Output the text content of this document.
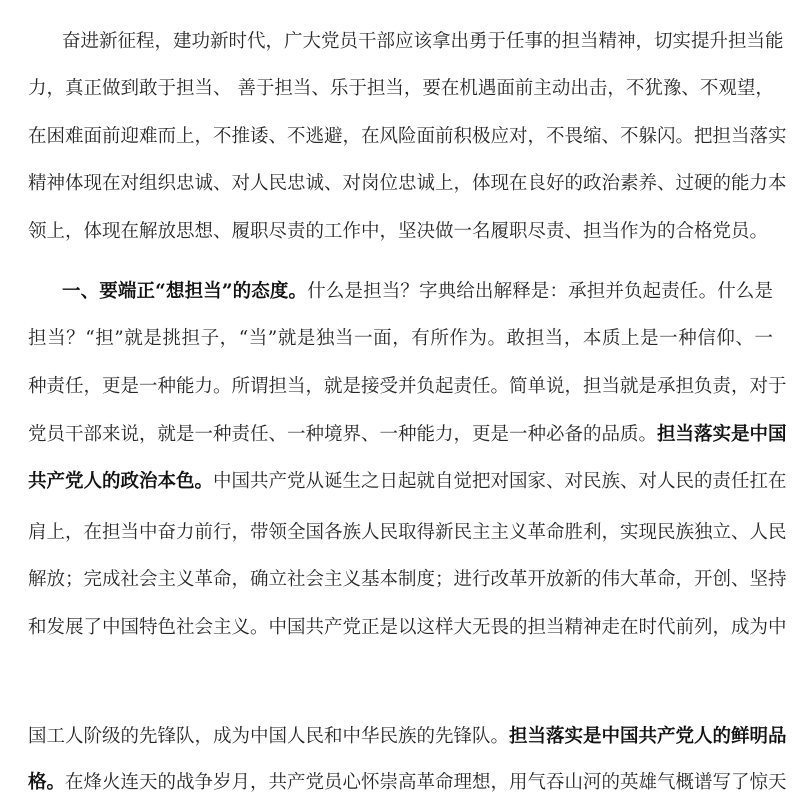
奋进新征程，建功新时代，广大党员干部应该拿出勇于任事的担当精神，切实提升担当能
力，真正做到敢于担当、 善于担当、乐于担当，要在机遇面前主动出击，不犹豫、不观望，
在困难面前迎难而上，不推诿、不逃避，在风险面前积极应对，不畏缩、不躲闪。把担当落实
精神体现在对组织忠诚、对人民忠诚、对岗位忠诚上，体现在良好的政治素养、过硬的能力本
领上，体现在解放思想、履职尽责的工作中，坚决做一名履职尽责、担当作为的合格党员。
一、要端正“想担当”的态度。什么是担当？字典给出解释是：承担并负起责任。什么是
担当？“担”就是挑担子，“当”就是独当一面，有所作为。敢担当，本质上是一种信仰、一
种责任，更是一种能力。所谓担当，就是接受并负起责任。简单说，担当就是承担负责，对于
党员干部来说，就是一种责任、一种境界、一种能力，更是一种必备的品质。担当落实是中国
共产党人的政治本色。中国共产党从诞生之日起就自觉把对国家、对民族、对人民的责任扛在
肩上，在担当中奋力前行，带领全国各族人民取得新民主主义革命胜利，实现民族独立、人民
解放；完成社会主义革命，确立社会主义基本制度；进行改革开放新的伟大革命，开创、坚持
和发展了中国特色社会主义。中国共产党正是以这样大无畏的担当精神走在时代前列，成为中
国工人阶级的先锋队，成为中国人民和中华民族的先锋队。担当落实是中国共产党人的鲜明品
格。在烽火连天的战争岁月，共产党员心怀崇高革命理想，用气吞山河的英雄气概谱写了惊天
